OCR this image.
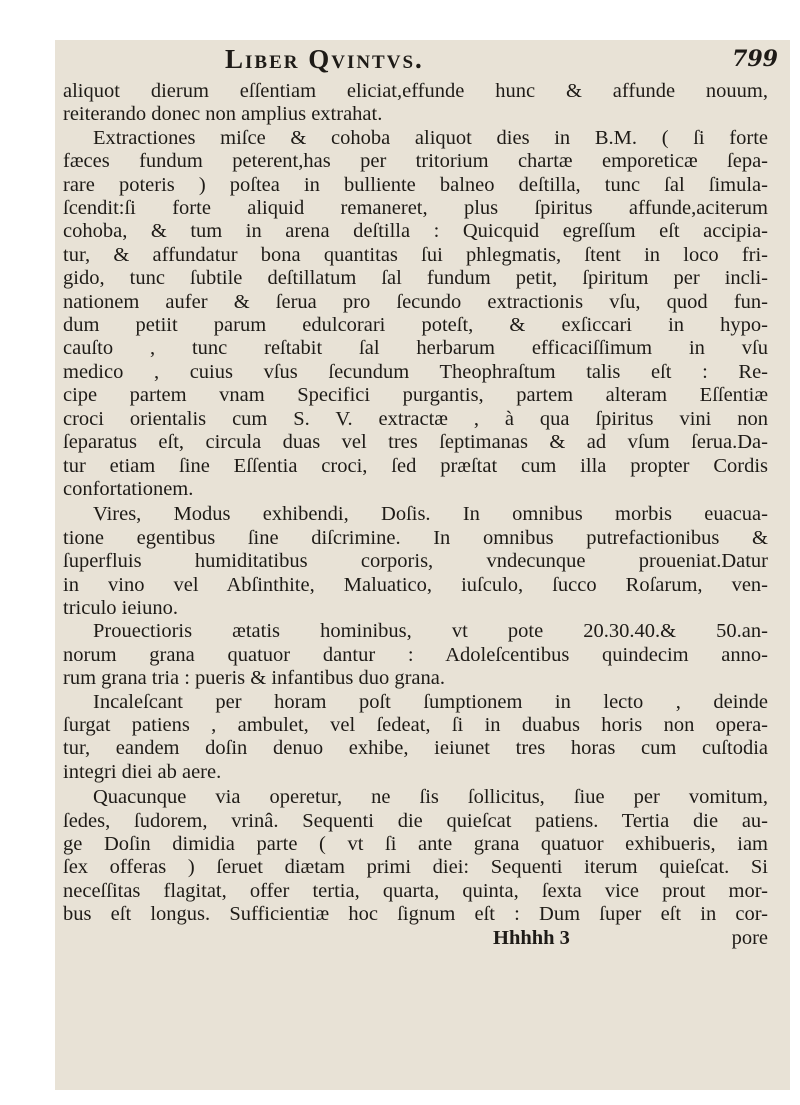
Liber Qvintvs.	799
aliquot dierum eſſentiam eliciat,effunde hunc & affunde nouum,
reiterando donec non amplius extrahat.
Extractiones miſce & cohoba aliquot dies in B.M. ( ſi forte
fæces fundum peterent,has per tritorium chartæ emporeticæ ſepa-
rare poteris ) poſtea in bulliente balneo deſtilla, tunc ſal ſimula-
ſcendit:ſi forte aliquid remaneret, plus ſpiritus affunde,aciterum
cohoba, & tum in arena deſtilla : Quicquid egreſſum eſt accipia-
tur, & affundatur bona quantitas ſui phlegmatis, ſtent in loco fri-
gido, tunc ſubtile deſtillatum ſal fundum petit, ſpiritum per incli-
nationem aufer & ſerua pro ſecundo extractionis vſu, quod fun-
dum petiit parum edulcorari poteſt, & exſiccari in hypo-
cauſto , tunc reſtabit ſal herbarum efficaciſſimum in vſu
medico , cuius vſus ſecundum Theophraſtum talis eſt : Re-
cipe partem vnam Specifici purgantis, partem alteram Eſſentiæ
croci orientalis cum S. V. extractæ , à qua ſpiritus vini non
ſeparatus eſt, circula duas vel tres ſeptimanas & ad vſum ſerua.Da-
tur etiam ſine Eſſentia croci, ſed præſtat cum illa propter Cordis
confortationem.
Vires, Modus exhibendi, Doſis. In omnibus morbis euacua-
tione egentibus ſine diſcrimine. In omnibus putrefactionibus &
ſuperfluis humiditatibus corporis, vndecunque proueniat.Datur
in vino vel Abſinthite, Maluatico, iuſculo, ſucco Roſarum, ven-
triculo ieiuno.
Prouectioris ætatis hominibus, vt pote 20.30.40.& 50.an-
norum grana quatuor dantur : Adoleſcentibus quindecim anno-
rum grana tria : pueris & infantibus duo grana.
Incaleſcant per horam poſt ſumptionem in lecto , deinde
ſurgat patiens , ambulet, vel ſedeat, ſi in duabus horis non opera-
tur, eandem doſin denuo exhibe, ieiunet tres horas cum cuſtodia
integri diei ab aere.
Quacunque via operetur, ne ſis ſollicitus, ſiue per vomitum,
ſedes, ſudorem, vrinâ. Sequenti die quieſcat patiens. Tertia die au-
ge Doſin dimidia parte ( vt ſi ante grana quatuor exhibueris, iam
ſex offeras ) ſeruet diætam primi diei: Sequenti iterum quieſcat. Si
neceſſitas flagitat, offer tertia, quarta, quinta, ſexta vice prout mor-
bus eſt longus. Sufficientiæ hoc ſignum eſt : Dum ſuper eſt in cor-
Hhhhh 3	pore
